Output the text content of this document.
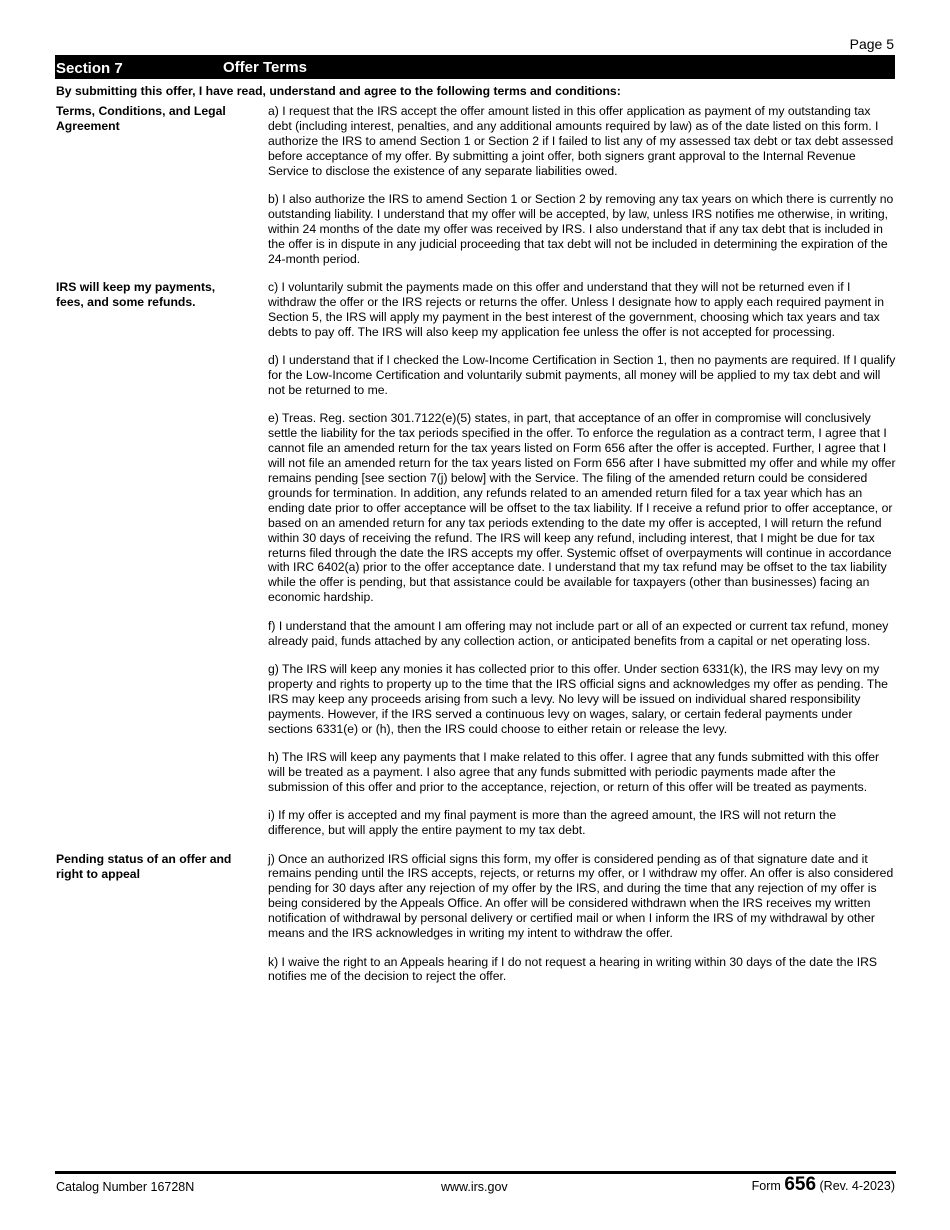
Page 5
Section 7	Offer Terms
By submitting this offer, I have read, understand and agree to the following terms and conditions:
Terms, Conditions, and Legal Agreement

a) I request that the IRS accept the offer amount listed in this offer application as payment of my outstanding tax debt (including interest, penalties, and any additional amounts required by law) as of the date listed on this form. I authorize the IRS to amend Section 1 or Section 2 if I failed to list any of my assessed tax debt or tax debt assessed before acceptance of my offer. By submitting a joint offer, both signers grant approval to the Internal Revenue Service to disclose the existence of any separate liabilities owed.

b) I also authorize the IRS to amend Section 1 or Section 2 by removing any tax years on which there is currently no outstanding liability. I understand that my offer will be accepted, by law, unless IRS notifies me otherwise, in writing, within 24 months of the date my offer was received by IRS. I also understand that if any tax debt that is included in the offer is in dispute in any judicial proceeding that tax debt will not be included in determining the expiration of the 24-month period.

IRS will keep my payments, fees, and some refunds.

c) I voluntarily submit the payments made on this offer and understand that they will not be returned even if I withdraw the offer or the IRS rejects or returns the offer. Unless I designate how to apply each required payment in Section 5, the IRS will apply my payment in the best interest of the government, choosing which tax years and tax debts to pay off. The IRS will also keep my application fee unless the offer is not accepted for processing.

d) I understand that if I checked the Low-Income Certification in Section 1, then no payments are required. If I qualify for the Low-Income Certification and voluntarily submit payments, all money will be applied to my tax debt and will not be returned to me.

e) Treas. Reg. section 301.7122(e)(5) states, in part, that acceptance of an offer in compromise will conclusively settle the liability for the tax periods specified in the offer. To enforce the regulation as a contract term, I agree that I cannot file an amended return for the tax years listed on Form 656 after the offer is accepted. Further, I agree that I will not file an amended return for the tax years listed on Form 656 after I have submitted my offer and while my offer remains pending [see section 7(j) below] with the Service. The filing of the amended return could be considered grounds for termination. In addition, any refunds related to an amended return filed for a tax year which has an ending date prior to offer acceptance will be offset to the tax liability. If I receive a refund prior to offer acceptance, or based on an amended return for any tax periods extending to the date my offer is accepted, I will return the refund within 30 days of receiving the refund. The IRS will keep any refund, including interest, that I might be due for tax returns filed through the date the IRS accepts my offer. Systemic offset of overpayments will continue in accordance with IRC 6402(a) prior to the offer acceptance date. I understand that my tax refund may be offset to the tax liability while the offer is pending, but that assistance could be available for taxpayers (other than businesses) facing an economic hardship.

f) I understand that the amount I am offering may not include part or all of an expected or current tax refund, money already paid, funds attached by any collection action, or anticipated benefits from a capital or net operating loss.

g) The IRS will keep any monies it has collected prior to this offer. Under section 6331(k), the IRS may levy on my property and rights to property up to the time that the IRS official signs and acknowledges my offer as pending. The IRS may keep any proceeds arising from such a levy. No levy will be issued on individual shared responsibility payments. However, if the IRS served a continuous levy on wages, salary, or certain federal payments under sections 6331(e) or (h), then the IRS could choose to either retain or release the levy.

h) The IRS will keep any payments that I make related to this offer. I agree that any funds submitted with this offer will be treated as a payment. I also agree that any funds submitted with periodic payments made after the submission of this offer and prior to the acceptance, rejection, or return of this offer will be treated as payments.

i) If my offer is accepted and my final payment is more than the agreed amount, the IRS will not return the difference, but will apply the entire payment to my tax debt.

Pending status of an offer and right to appeal

j) Once an authorized IRS official signs this form, my offer is considered pending as of that signature date and it remains pending until the IRS accepts, rejects, or returns my offer, or I withdraw my offer. An offer is also considered pending for 30 days after any rejection of my offer by the IRS, and during the time that any rejection of my offer is being considered by the Appeals Office. An offer will be considered withdrawn when the IRS receives my written notification of withdrawal by personal delivery or certified mail or when I inform the IRS of my withdrawal by other means and the IRS acknowledges in writing my intent to withdraw the offer.

k) I waive the right to an Appeals hearing if I do not request a hearing in writing within 30 days of the date the IRS notifies me of the decision to reject the offer.

Catalog Number 16728N	www.irs.gov	Form 656 (Rev. 4-2023)
